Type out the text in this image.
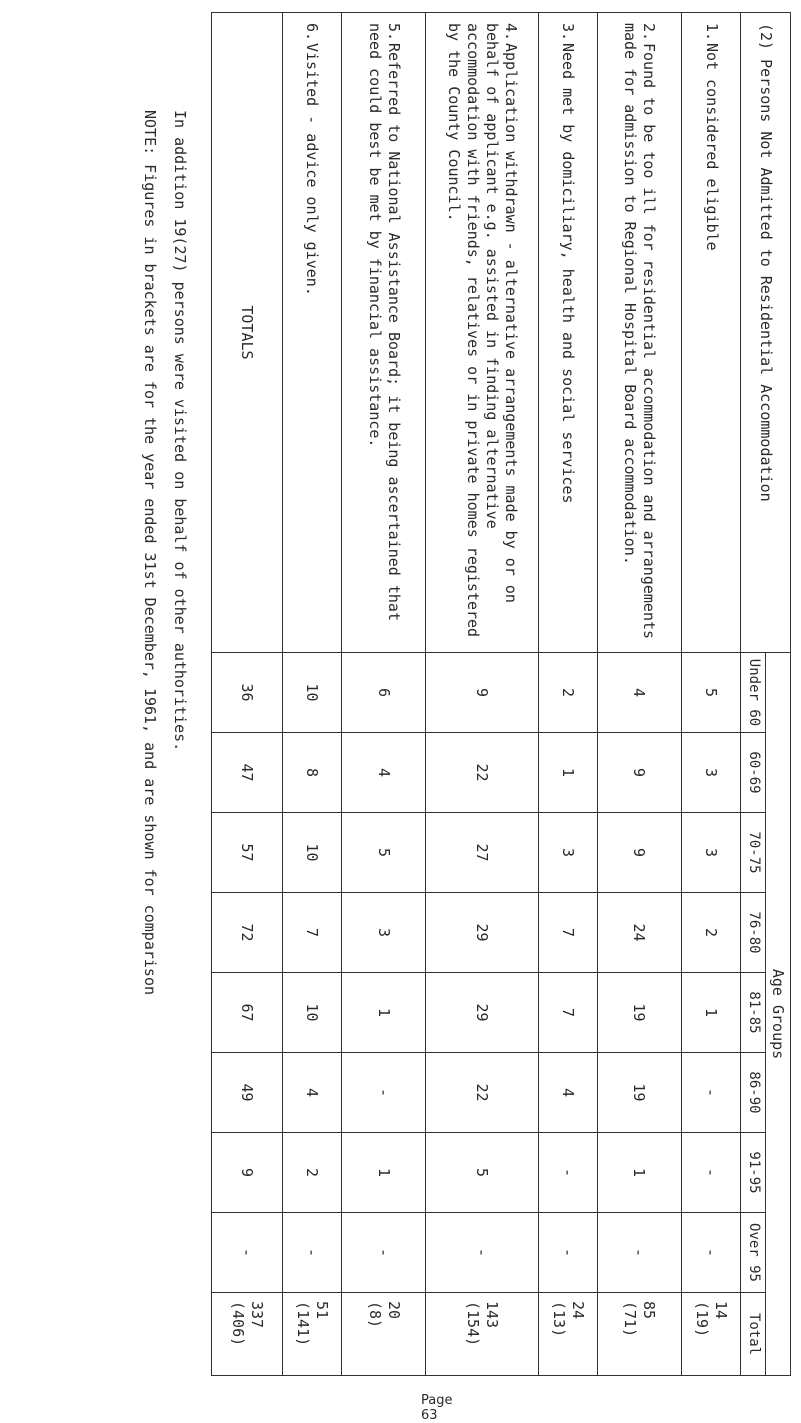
(2) Persons Not Admitted to Residential Accommodation	Age Groups								
	Under 60	60-69	70-75	76-80	81-85	86-90	91-95	Over 95	Total
1.Not considered eligible	5	3	3	2	1	-	-	-	14
(19)

2.Found to be too ill for residential accommodation and arrangements made for admission to Regional Hospital Board accommodation.	4	9	9	24	19	19	1	-	85
(71)

3.Need met by domiciliary, health and social services	2	1	3	7	7	4	-	-	24
(13)

4.Application withdrawn - alternative arrangements made by or on behalf of applicant e.g. assisted in finding alternative accommodation with friends, relatives or in private homes registered by the County Council.	9	22	27	29	29	22	5	-	143
(154)

5.Referred to National Assistance Board; it being ascertained that need could best be met by financial assistance.	6	4	5	3	1	-	1	-	20
(8)

6.Visited - advice only given.	10	8	10	7	10	4	2	-	51
(141)

TOTALS	36	47	57	72	67	49	9	-	337
(406)
In addition 19(27) persons were visited on behalf of other authorities.
NOTE: Figures in brackets are for the year ended 31st December, 1961, and are shown for comparison
Page 63
